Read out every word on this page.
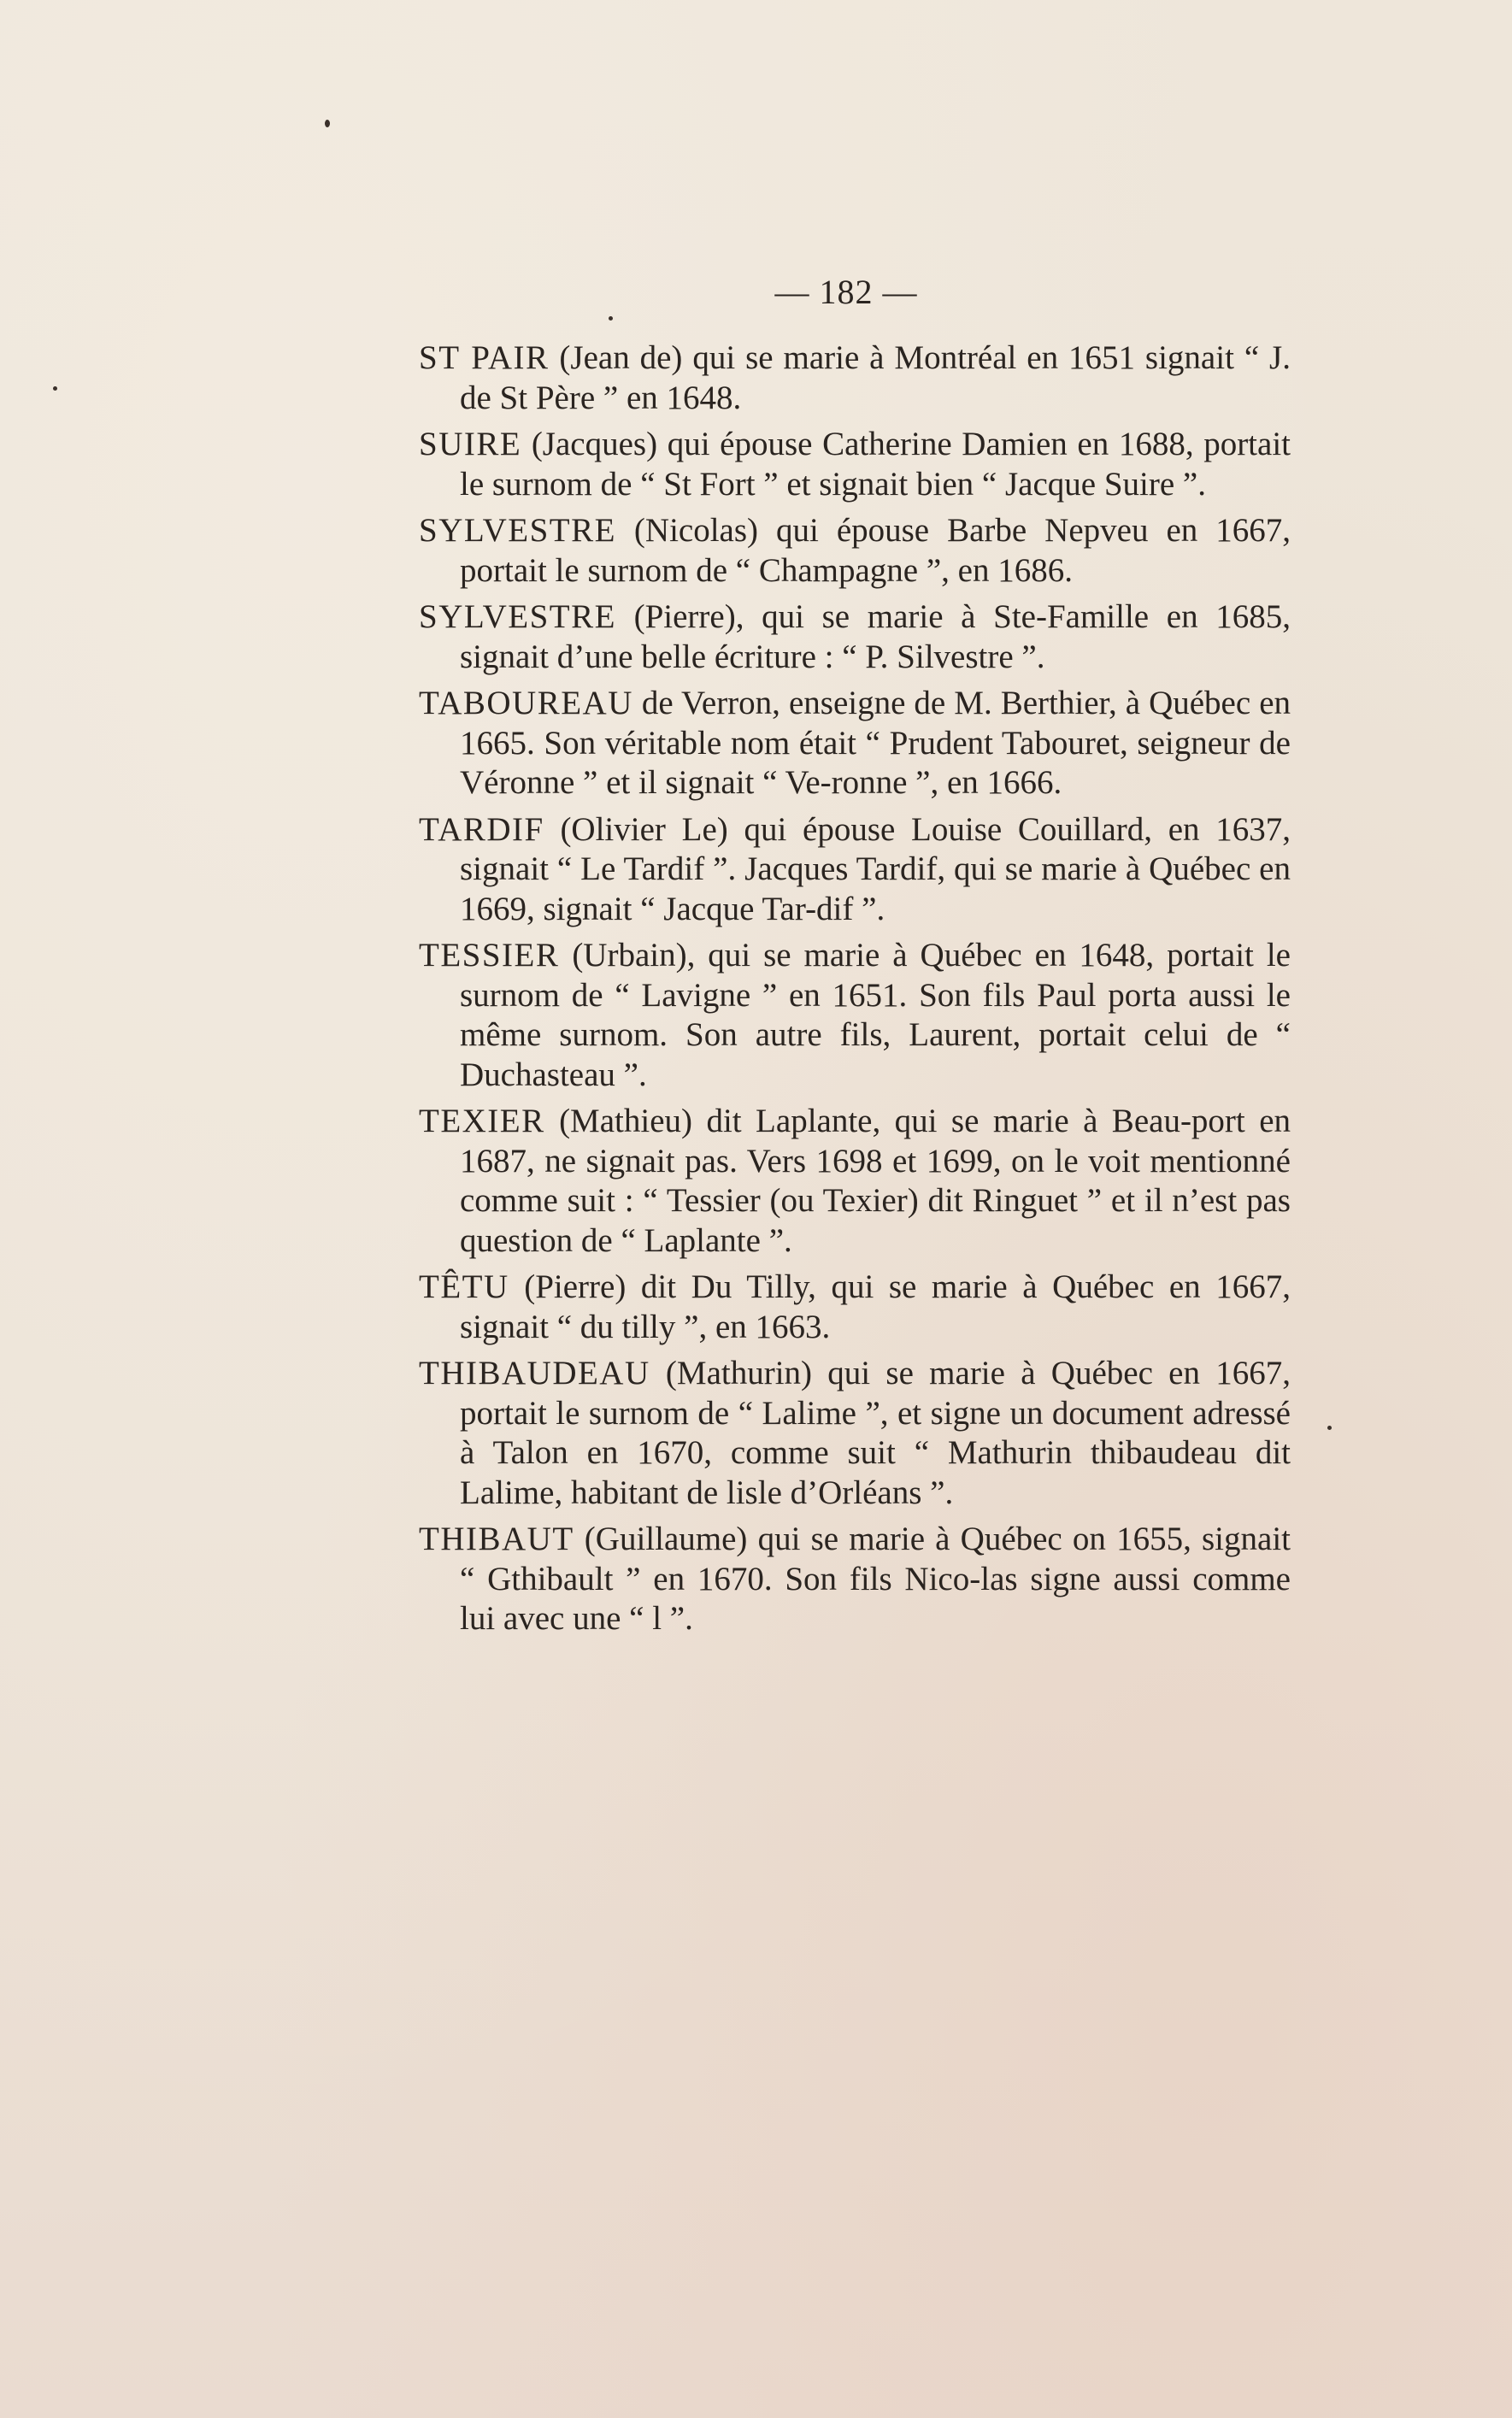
— 182 —

ST PAIR (Jean de) qui se marie à Montréal en 1651 signait “ J. de St Père ” en 1648.

SUIRE (Jacques) qui épouse Catherine Damien en 1688, portait le surnom de “ St Fort ” et signait bien “ Jacque Suire ”.

SYLVESTRE (Nicolas) qui épouse Barbe Nepveu en 1667, portait le surnom de “ Champagne ”, en 1686.

SYLVESTRE (Pierre), qui se marie à Ste-Famille en 1685, signait d’une belle écriture : “ P. Silvestre ”.

TABOUREAU de Verron, enseigne de M. Berthier, à Québec en 1665. Son véritable nom était “ Prudent Tabouret, seigneur de Véronne ” et il signait “ Ve-ronne ”, en 1666.

TARDIF (Olivier Le) qui épouse Louise Couillard, en 1637, signait “ Le Tardif ”. Jacques Tardif, qui se marie à Québec en 1669, signait “ Jacque Tar-dif ”.

TESSIER (Urbain), qui se marie à Québec en 1648, portait le surnom de “ Lavigne ” en 1651. Son fils Paul porta aussi le même surnom. Son autre fils, Laurent, portait celui de “ Duchasteau ”.

TEXIER (Mathieu) dit Laplante, qui se marie à Beau-port en 1687, ne signait pas. Vers 1698 et 1699, on le voit mentionné comme suit : “ Tessier (ou Texier) dit Ringuet ” et il n’est pas question de “ Laplante ”.

TÊTU (Pierre) dit Du Tilly, qui se marie à Québec en 1667, signait “ du tilly ”, en 1663.

THIBAUDEAU (Mathurin) qui se marie à Québec en 1667, portait le surnom de “ Lalime ”, et signe un document adressé à Talon en 1670, comme suit “ Mathurin thibaudeau dit Lalime, habitant de lisle d’Orléans ”.

THIBAUT (Guillaume) qui se marie à Québec on 1655, signait “ Gthibault ” en 1670. Son fils Nico-las signe aussi comme lui avec une “ l ”.
